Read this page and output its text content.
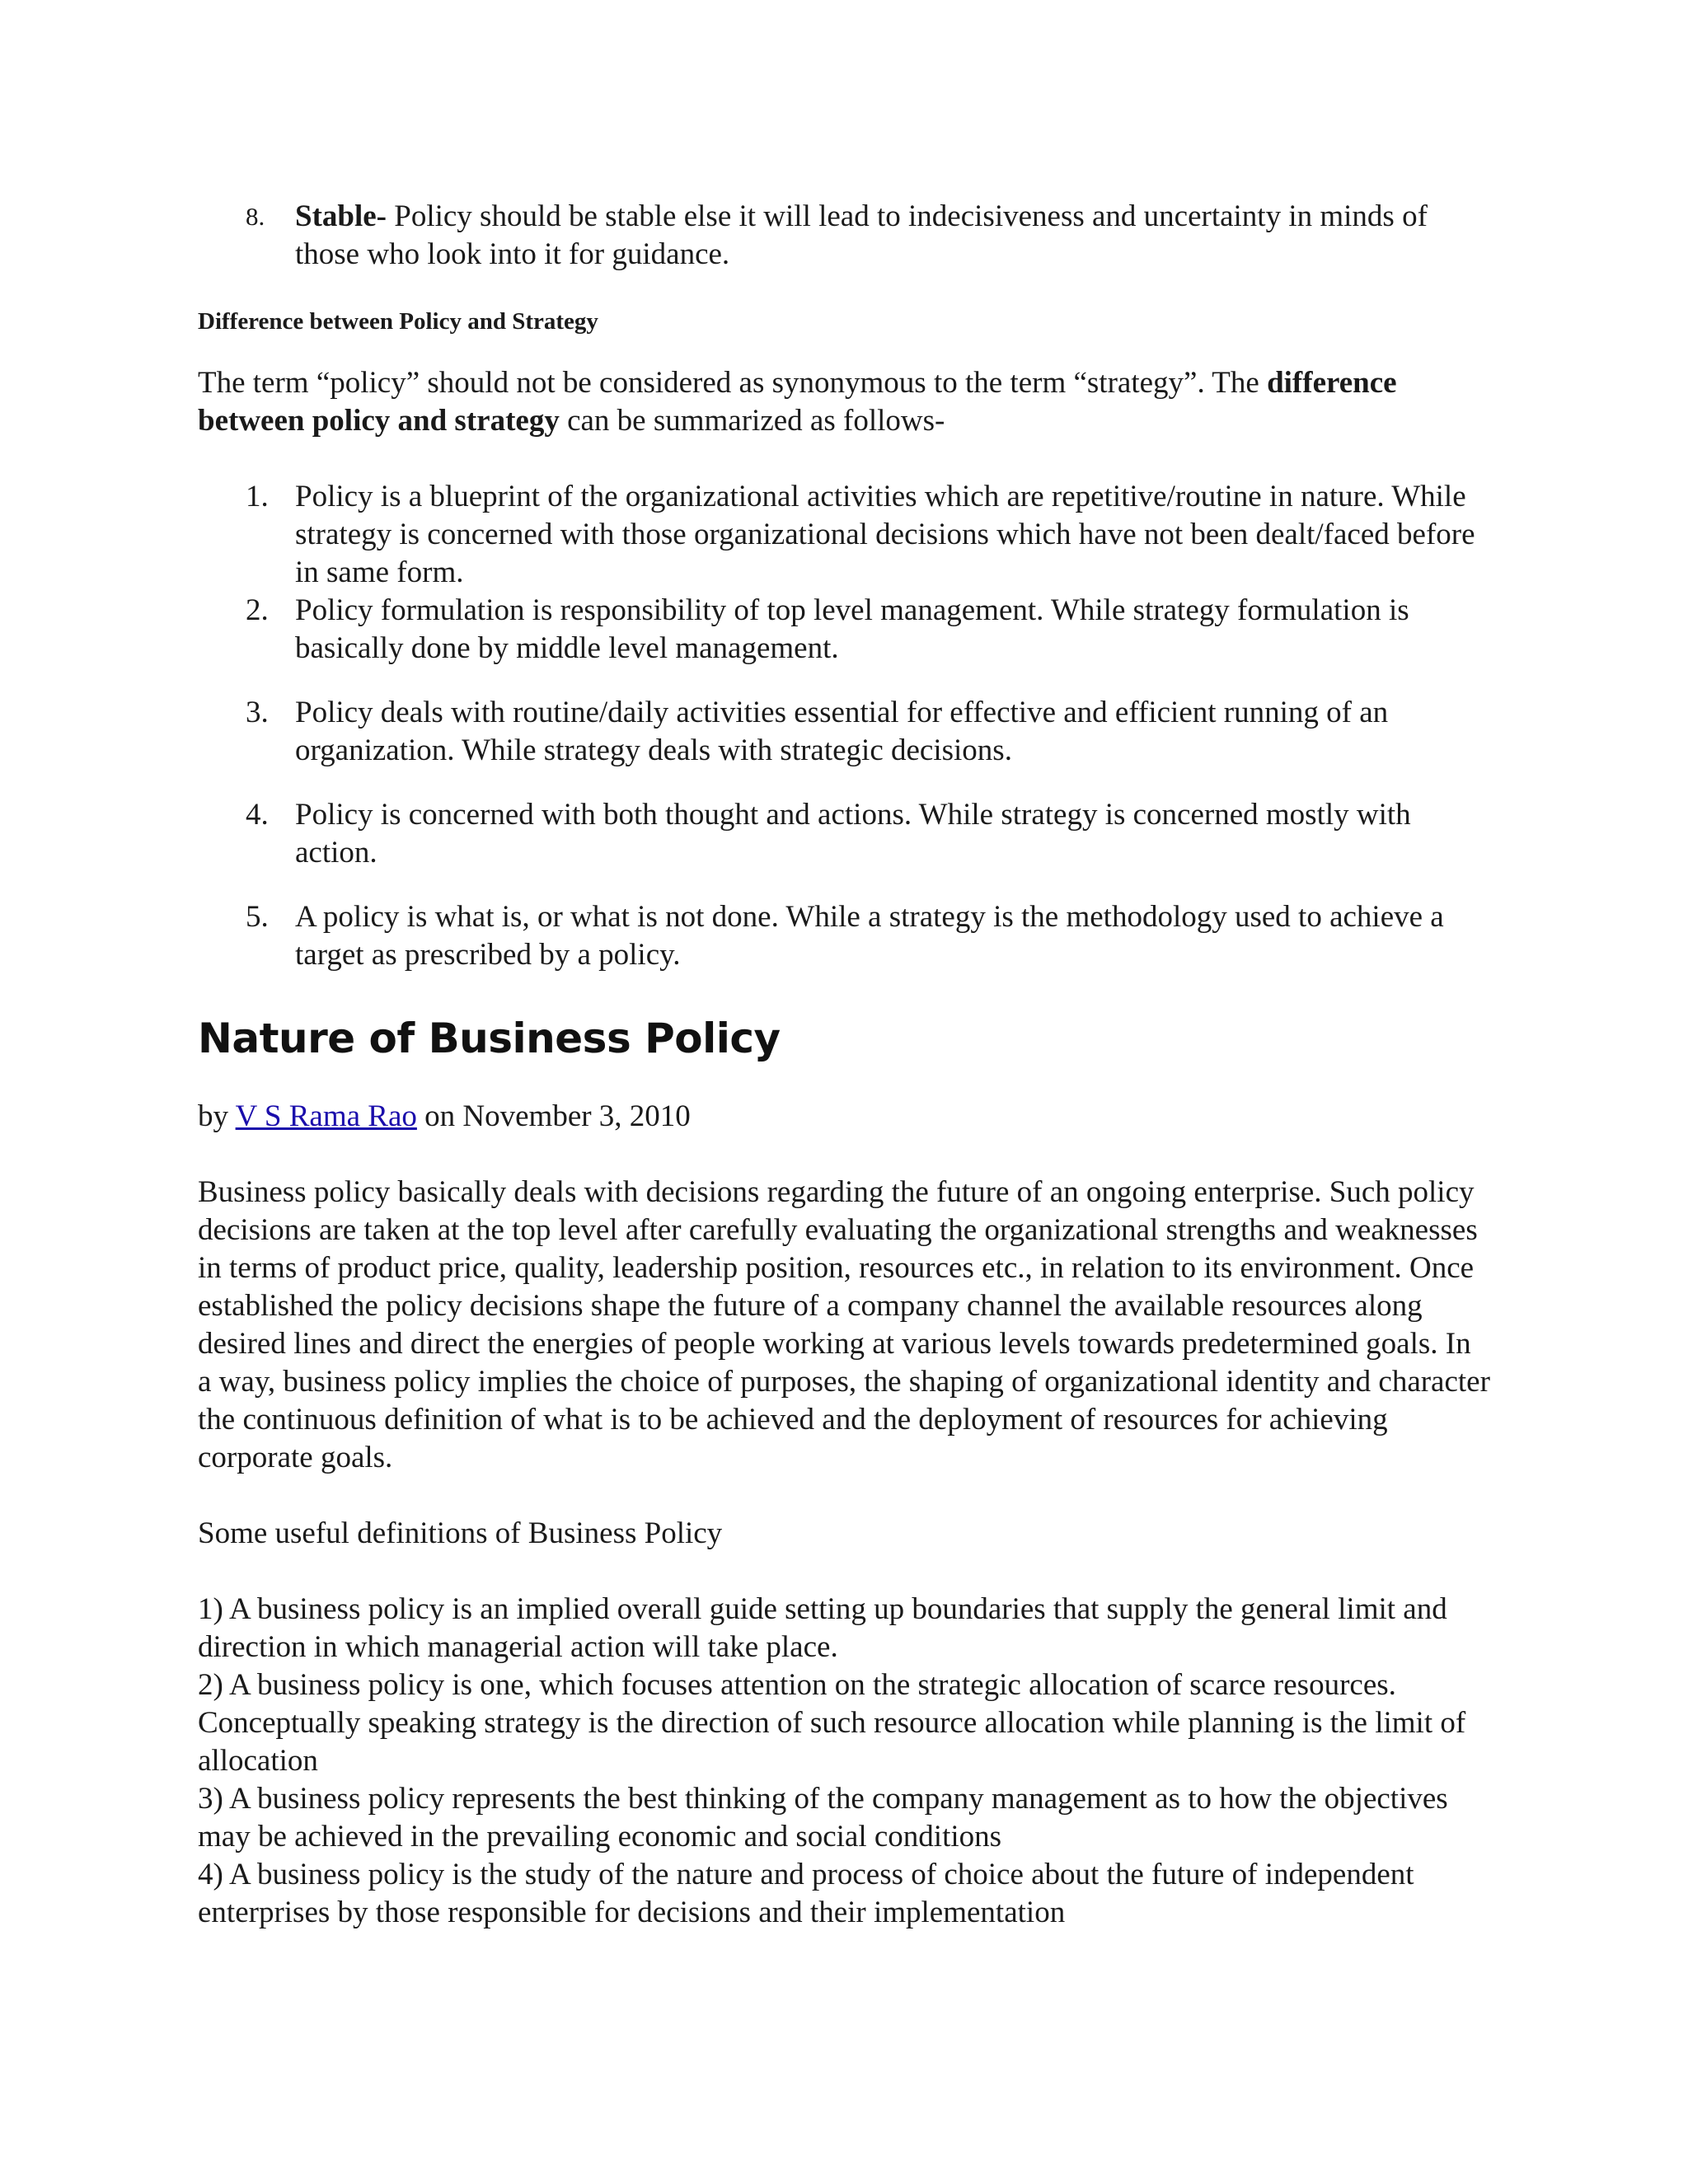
8. Stable- Policy should be stable else it will lead to indecisiveness and uncertainty in minds of those who look into it for guidance.
Difference between Policy and Strategy
The term “policy” should not be considered as synonymous to the term “strategy”. The difference between policy and strategy can be summarized as follows-
1. Policy is a blueprint of the organizational activities which are repetitive/routine in nature. While strategy is concerned with those organizational decisions which have not been dealt/faced before in same form.
2. Policy formulation is responsibility of top level management. While strategy formulation is basically done by middle level management.
3. Policy deals with routine/daily activities essential for effective and efficient running of an organization. While strategy deals with strategic decisions.
4. Policy is concerned with both thought and actions. While strategy is concerned mostly with action.
5. A policy is what is, or what is not done. While a strategy is the methodology used to achieve a target as prescribed by a policy.
Nature of Business Policy
by V S Rama Rao on November 3, 2010
Business policy basically deals with decisions regarding the future of an ongoing enterprise. Such policy decisions are taken at the top level after carefully evaluating the organizational strengths and weaknesses in terms of product price, quality, leadership position, resources etc., in relation to its environment. Once established the policy decisions shape the future of a company channel the available resources along desired lines and direct the energies of people working at various levels towards predetermined goals. In a way, business policy implies the choice of purposes, the shaping of organizational identity and character the continuous definition of what is to be achieved and the deployment of resources for achieving corporate goals.
Some useful definitions of Business Policy
1) A business policy is an implied overall guide setting up boundaries that supply the general limit and direction in which managerial action will take place.
2) A business policy is one, which focuses attention on the strategic allocation of scarce resources. Conceptually speaking strategy is the direction of such resource allocation while planning is the limit of allocation
3) A business policy represents the best thinking of the company management as to how the objectives may be achieved in the prevailing economic and social conditions
4) A business policy is the study of the nature and process of choice about the future of independent enterprises by those responsible for decisions and their implementation
